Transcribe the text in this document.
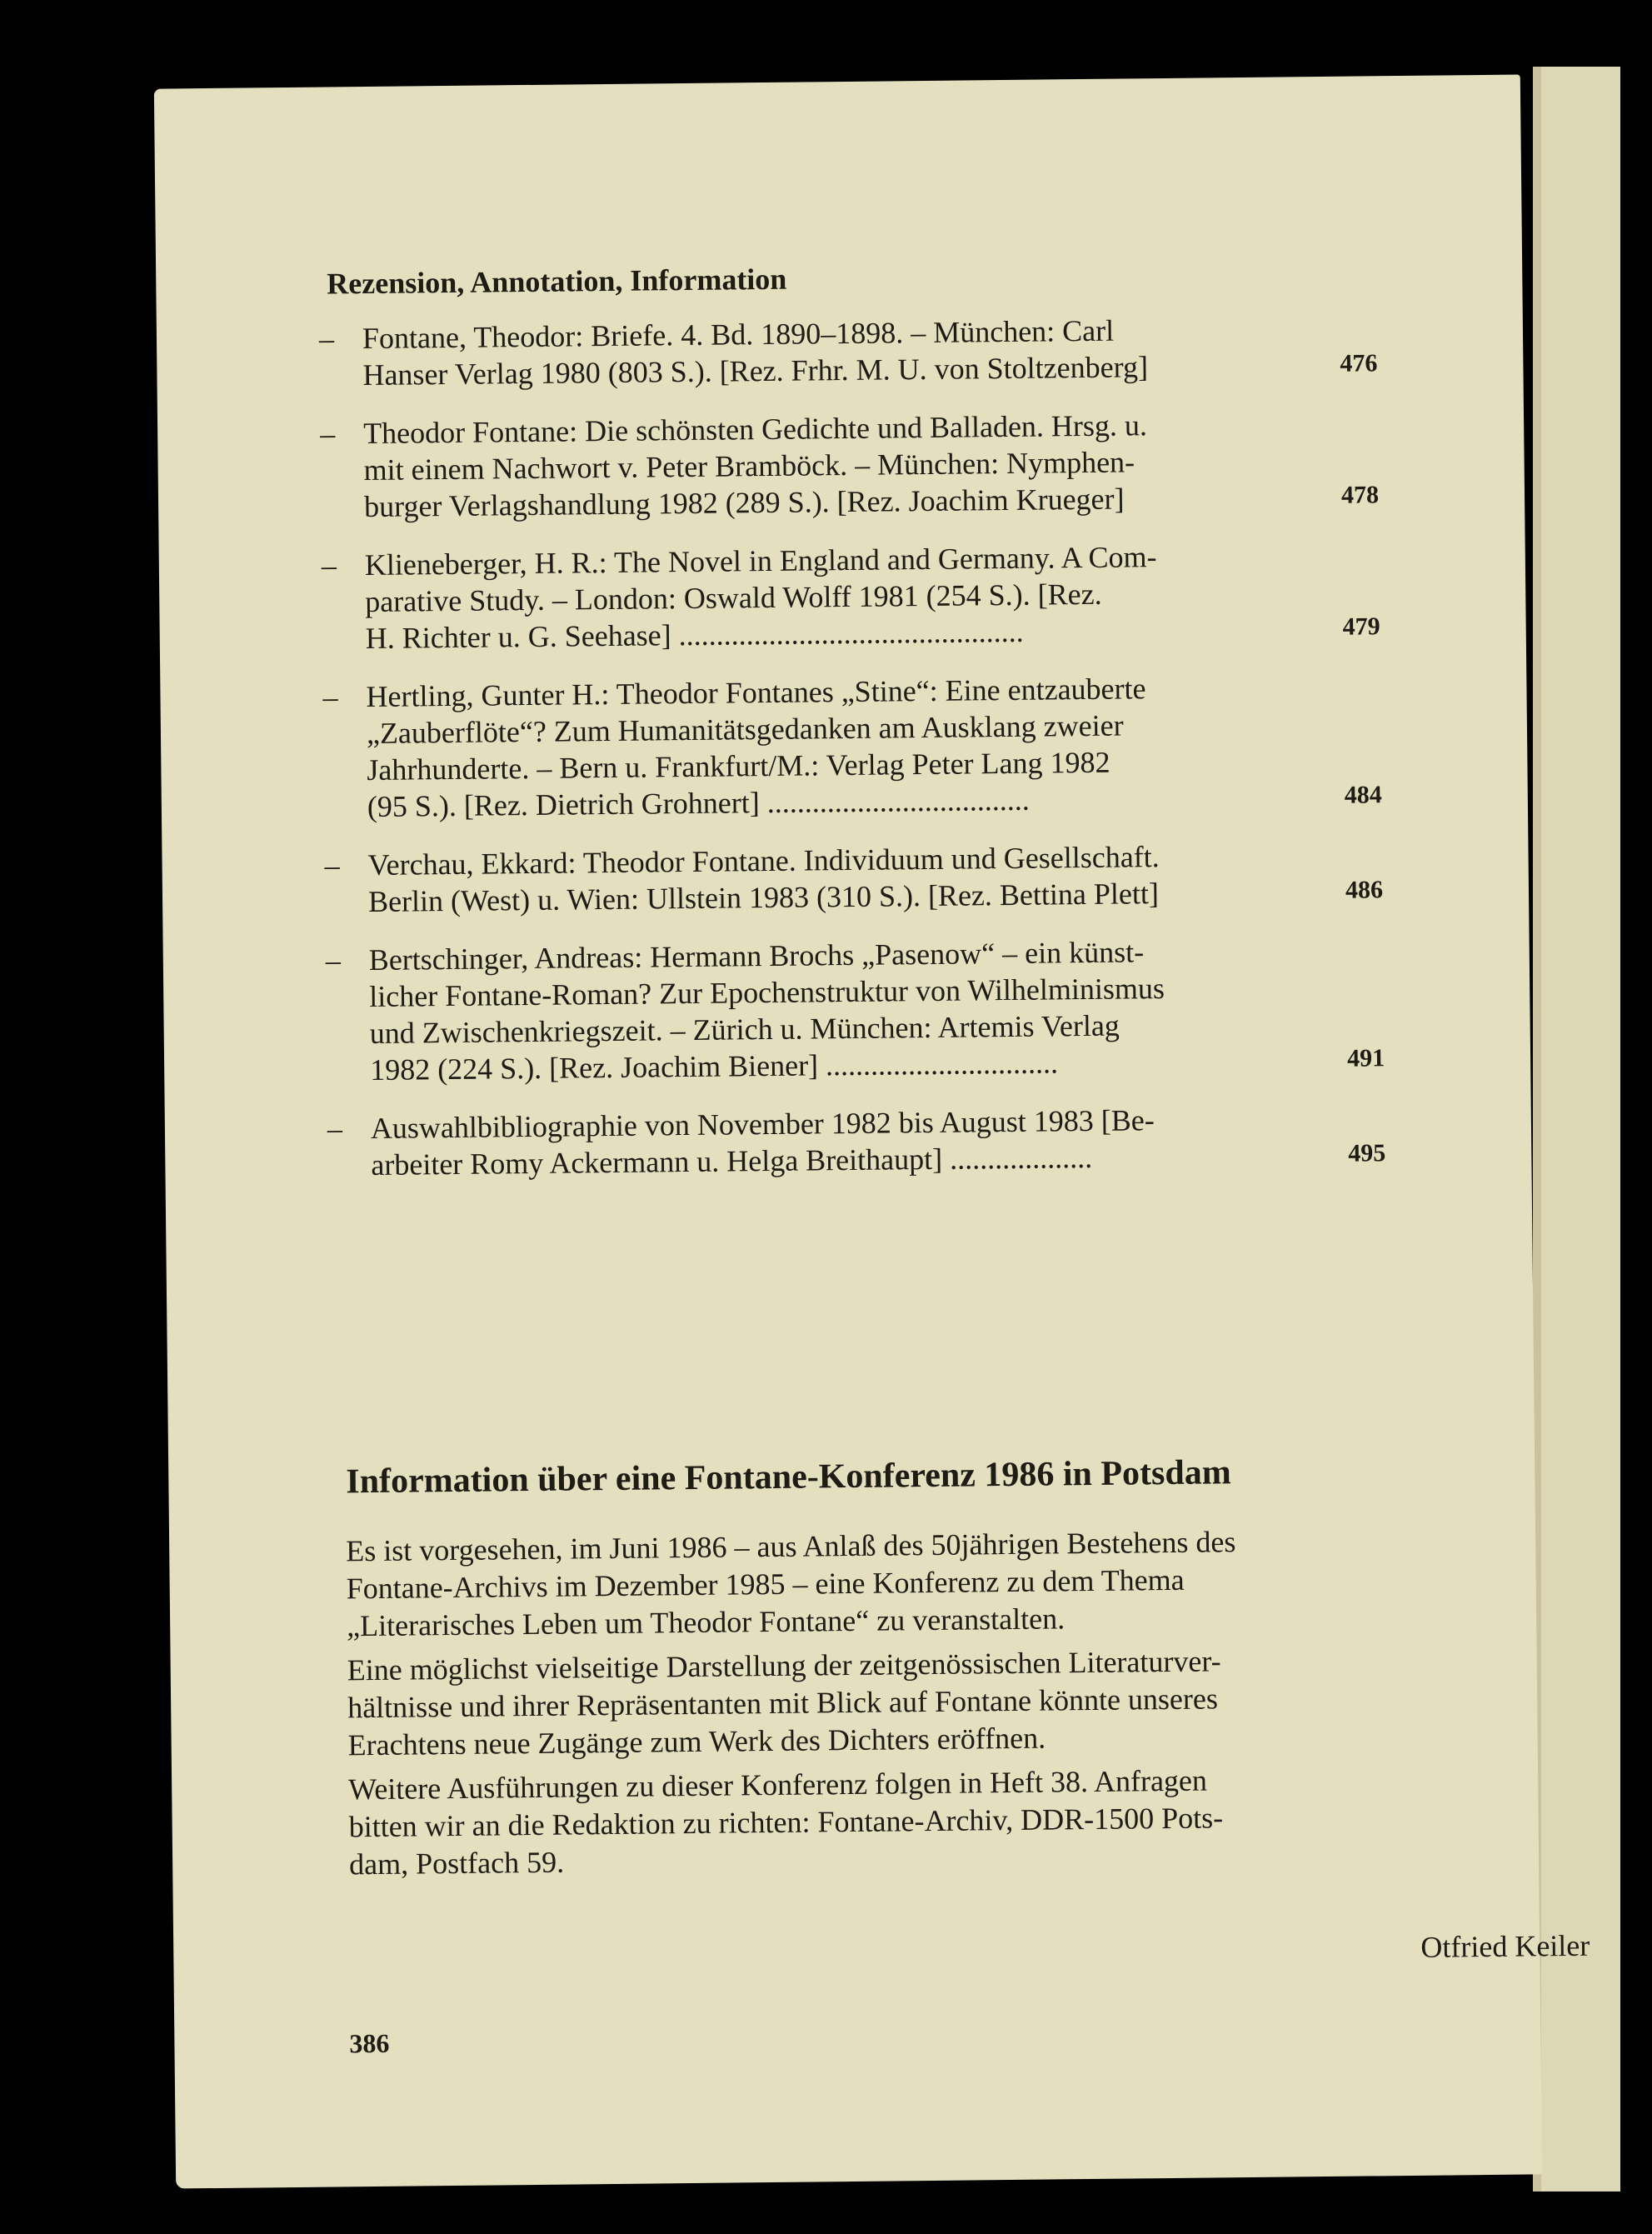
Rezension, Annotation, Information
– Fontane, Theodor: Briefe. 4. Bd. 1890–1898. – München: Carl
Hanser Verlag 1980 (803 S.). [Rez. Frhr. M. U. von Stoltzenberg]	476
– Theodor Fontane: Die schönsten Gedichte und Balladen. Hrsg. u.
mit einem Nachwort v. Peter Bramböck. – München: Nymphen-
burger Verlagshandlung 1982 (289 S.). [Rez. Joachim Krueger]	478
– Klieneberger, H. R.: The Novel in England and Germany. A Com-
parative Study. – London: Oswald Wolff 1981 (254 S.). [Rez.
H. Richter u. G. Seehase] ..............................................	479
– Hertling, Gunter H.: Theodor Fontanes „Stine“: Eine entzauberte
„Zauberflöte“? Zum Humanitätsgedanken am Ausklang zweier
Jahrhunderte. – Bern u. Frankfurt/M.: Verlag Peter Lang 1982
(95 S.). [Rez. Dietrich Grohnert] ...................................	484
– Verchau, Ekkard: Theodor Fontane. Individuum und Gesellschaft.
Berlin (West) u. Wien: Ullstein 1983 (310 S.). [Rez. Bettina Plett]	486
– Bertschinger, Andreas: Hermann Brochs „Pasenow“ – ein künst-
licher Fontane-Roman? Zur Epochenstruktur von Wilhelminismus
und Zwischenkriegszeit. – Zürich u. München: Artemis Verlag
1982 (224 S.). [Rez. Joachim Biener] ...............................	491
– Auswahlbibliographie von November 1982 bis August 1983 [Be-
arbeiter Romy Ackermann u. Helga Breithaupt] ...................	495
Information über eine Fontane-Konferenz 1986 in Potsdam

Es ist vorgesehen, im Juni 1986 – aus Anlaß des 50jährigen Bestehens des
Fontane-Archivs im Dezember 1985 – eine Konferenz zu dem Thema
„Literarisches Leben um Theodor Fontane“ zu veranstalten.

Eine möglichst vielseitige Darstellung der zeitgenössischen Literaturver-
hältnisse und ihrer Repräsentanten mit Blick auf Fontane könnte unseres
Erachtens neue Zugänge zum Werk des Dichters eröffnen.

Weitere Ausführungen zu dieser Konferenz folgen in Heft 38. Anfragen
bitten wir an die Redaktion zu richten: Fontane-Archiv, DDR-1500 Pots-
dam, Postfach 59.

Otfried Keiler
386
